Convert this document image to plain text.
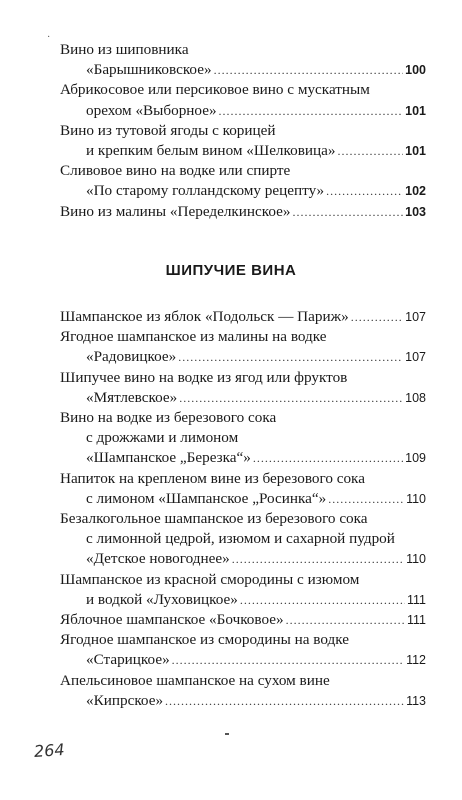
·
Вино из шиповника
«Барышниковское» .....	100
Абрикосовое или персиковое вино с мускатным
орехом «Выборное» .....	101
Вино из тутовой ягоды с корицей
и крепким белым вином «Шелковица» .....	101
Сливовое вино на водке или спирте
«По старому голландскому рецепту» .....	102
Вино из малины «Переделкинское» .....	103
ШИПУЧИЕ ВИНА
Шампанское из яблок «Подольск — Париж» .....	107
Ягодное шампанское из малины на водке
«Радовицкое» .....	107
Шипучее вино на водке из ягод или фруктов
«Мятлевское» .....	108
Вино на водке из березового сока
с дрожжами и лимоном
«Шампанское „Березка“» .....	109
Напиток на крепленом вине из березового сока
с лимоном «Шампанское „Росинка“» .....	110
Безалкогольное шампанское из березового сока
с лимонной цедрой, изюмом и сахарной пудрой
«Детское новогоднее» .....	110
Шампанское из красной смородины с изюмом
и водкой «Луховицкое» .....	111
Яблочное шампанское «Бочковое» .....	111
Ягодное шампанское из смородины на водке
«Старицкое» .....	112
Апельсиновое шампанское на сухом вине
«Кипрское» .....	113
264
